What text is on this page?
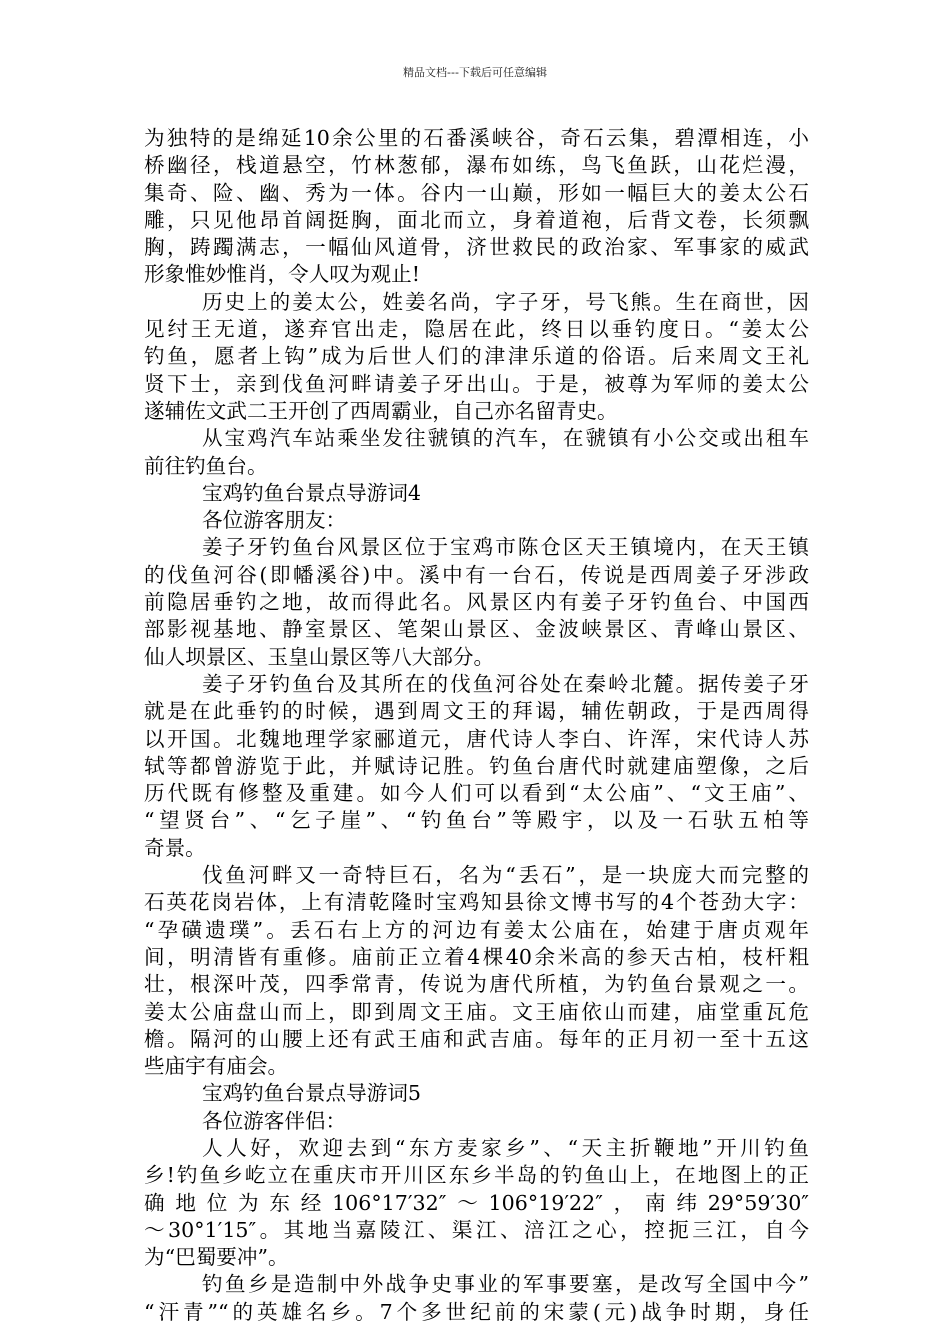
精品文档---下载后可任意编辑
为独特的是绵延10余公里的石番溪峡谷，奇石云集，碧潭相连，小
桥幽径，栈道悬空，竹林葱郁，瀑布如练，鸟飞鱼跃，山花烂漫，
集奇、险、幽、秀为一体。谷内一山巅，形如一幅巨大的姜太公石
雕，只见他昂首阔挺胸，面北而立，身着道袍，后背文卷，长须飘
胸，踌躅满志，一幅仙风道骨，济世救民的政治家、军事家的威武
形象惟妙惟肖，令人叹为观止!
历史上的姜太公，姓姜名尚，字子牙，号飞熊。生在商世，因
见纣王无道，遂弃官出走，隐居在此，终日以垂钓度日。“姜太公
钓鱼，愿者上钩”成为后世人们的津津乐道的俗语。后来周文王礼
贤下士，亲到伐鱼河畔请姜子牙出山。于是，被尊为军师的姜太公
遂辅佐文武二王开创了西周霸业，自己亦名留青史。
从宝鸡汽车站乘坐发往虢镇的汽车，在虢镇有小公交或出租车
前往钓鱼台。
宝鸡钓鱼台景点导游词4
各位游客朋友：
姜子牙钓鱼台风景区位于宝鸡市陈仓区天王镇境内，在天王镇
的伐鱼河谷(即幡溪谷)中。溪中有一台石，传说是西周姜子牙涉政
前隐居垂钓之地，故而得此名。风景区内有姜子牙钓鱼台、中国西
部影视基地、静室景区、笔架山景区、金波峡景区、青峰山景区、
仙人坝景区、玉皇山景区等八大部分。
姜子牙钓鱼台及其所在的伐鱼河谷处在秦岭北麓。据传姜子牙
就是在此垂钓的时候，遇到周文王的拜谒，辅佐朝政，于是西周得
以开国。北魏地理学家郦道元，唐代诗人李白、许浑，宋代诗人苏
轼等都曾游览于此，并赋诗记胜。钓鱼台唐代时就建庙塑像，之后
历代既有修整及重建。如今人们可以看到“太公庙”、“文王庙”、
“望贤台”、“乞子崖”、“钓鱼台”等殿宇，以及一石驮五柏等
奇景。
伐鱼河畔又一奇特巨石，名为“丢石”，是一块庞大而完整的
石英花岗岩体，上有清乾隆时宝鸡知县徐文博书写的4个苍劲大字：
“孕磺遗璞”。丢石右上方的河边有姜太公庙在，始建于唐贞观年
间，明清皆有重修。庙前正立着4棵40余米高的参天古柏，枝杆粗
壮，根深叶茂，四季常青，传说为唐代所植，为钓鱼台景观之一。
姜太公庙盘山而上，即到周文王庙。文王庙依山而建，庙堂重瓦危
檐。隔河的山腰上还有武王庙和武吉庙。每年的正月初一至十五这
些庙宇有庙会。
宝鸡钓鱼台景点导游词5
各位游客伴侣：
人人好，欢迎去到“东方麦家乡”、“天主折鞭地”开川钓鱼
乡!钓鱼乡屹立在重庆市开川区东乡半岛的钓鱼山上，在地图上的正
确地位为东经106°17′32″～106°19′22″，南纬29°59′30″
～30°1′15″。其地当嘉陵江、渠江、涪江之心，控扼三江，自今
为“巴蜀要冲”。
钓鱼乡是造制中外战争史事业的军事要塞，是改写全国中今”
“汗青”“的英雄名乡。7个多世纪前的宋蒙(元)战争时期，身任
